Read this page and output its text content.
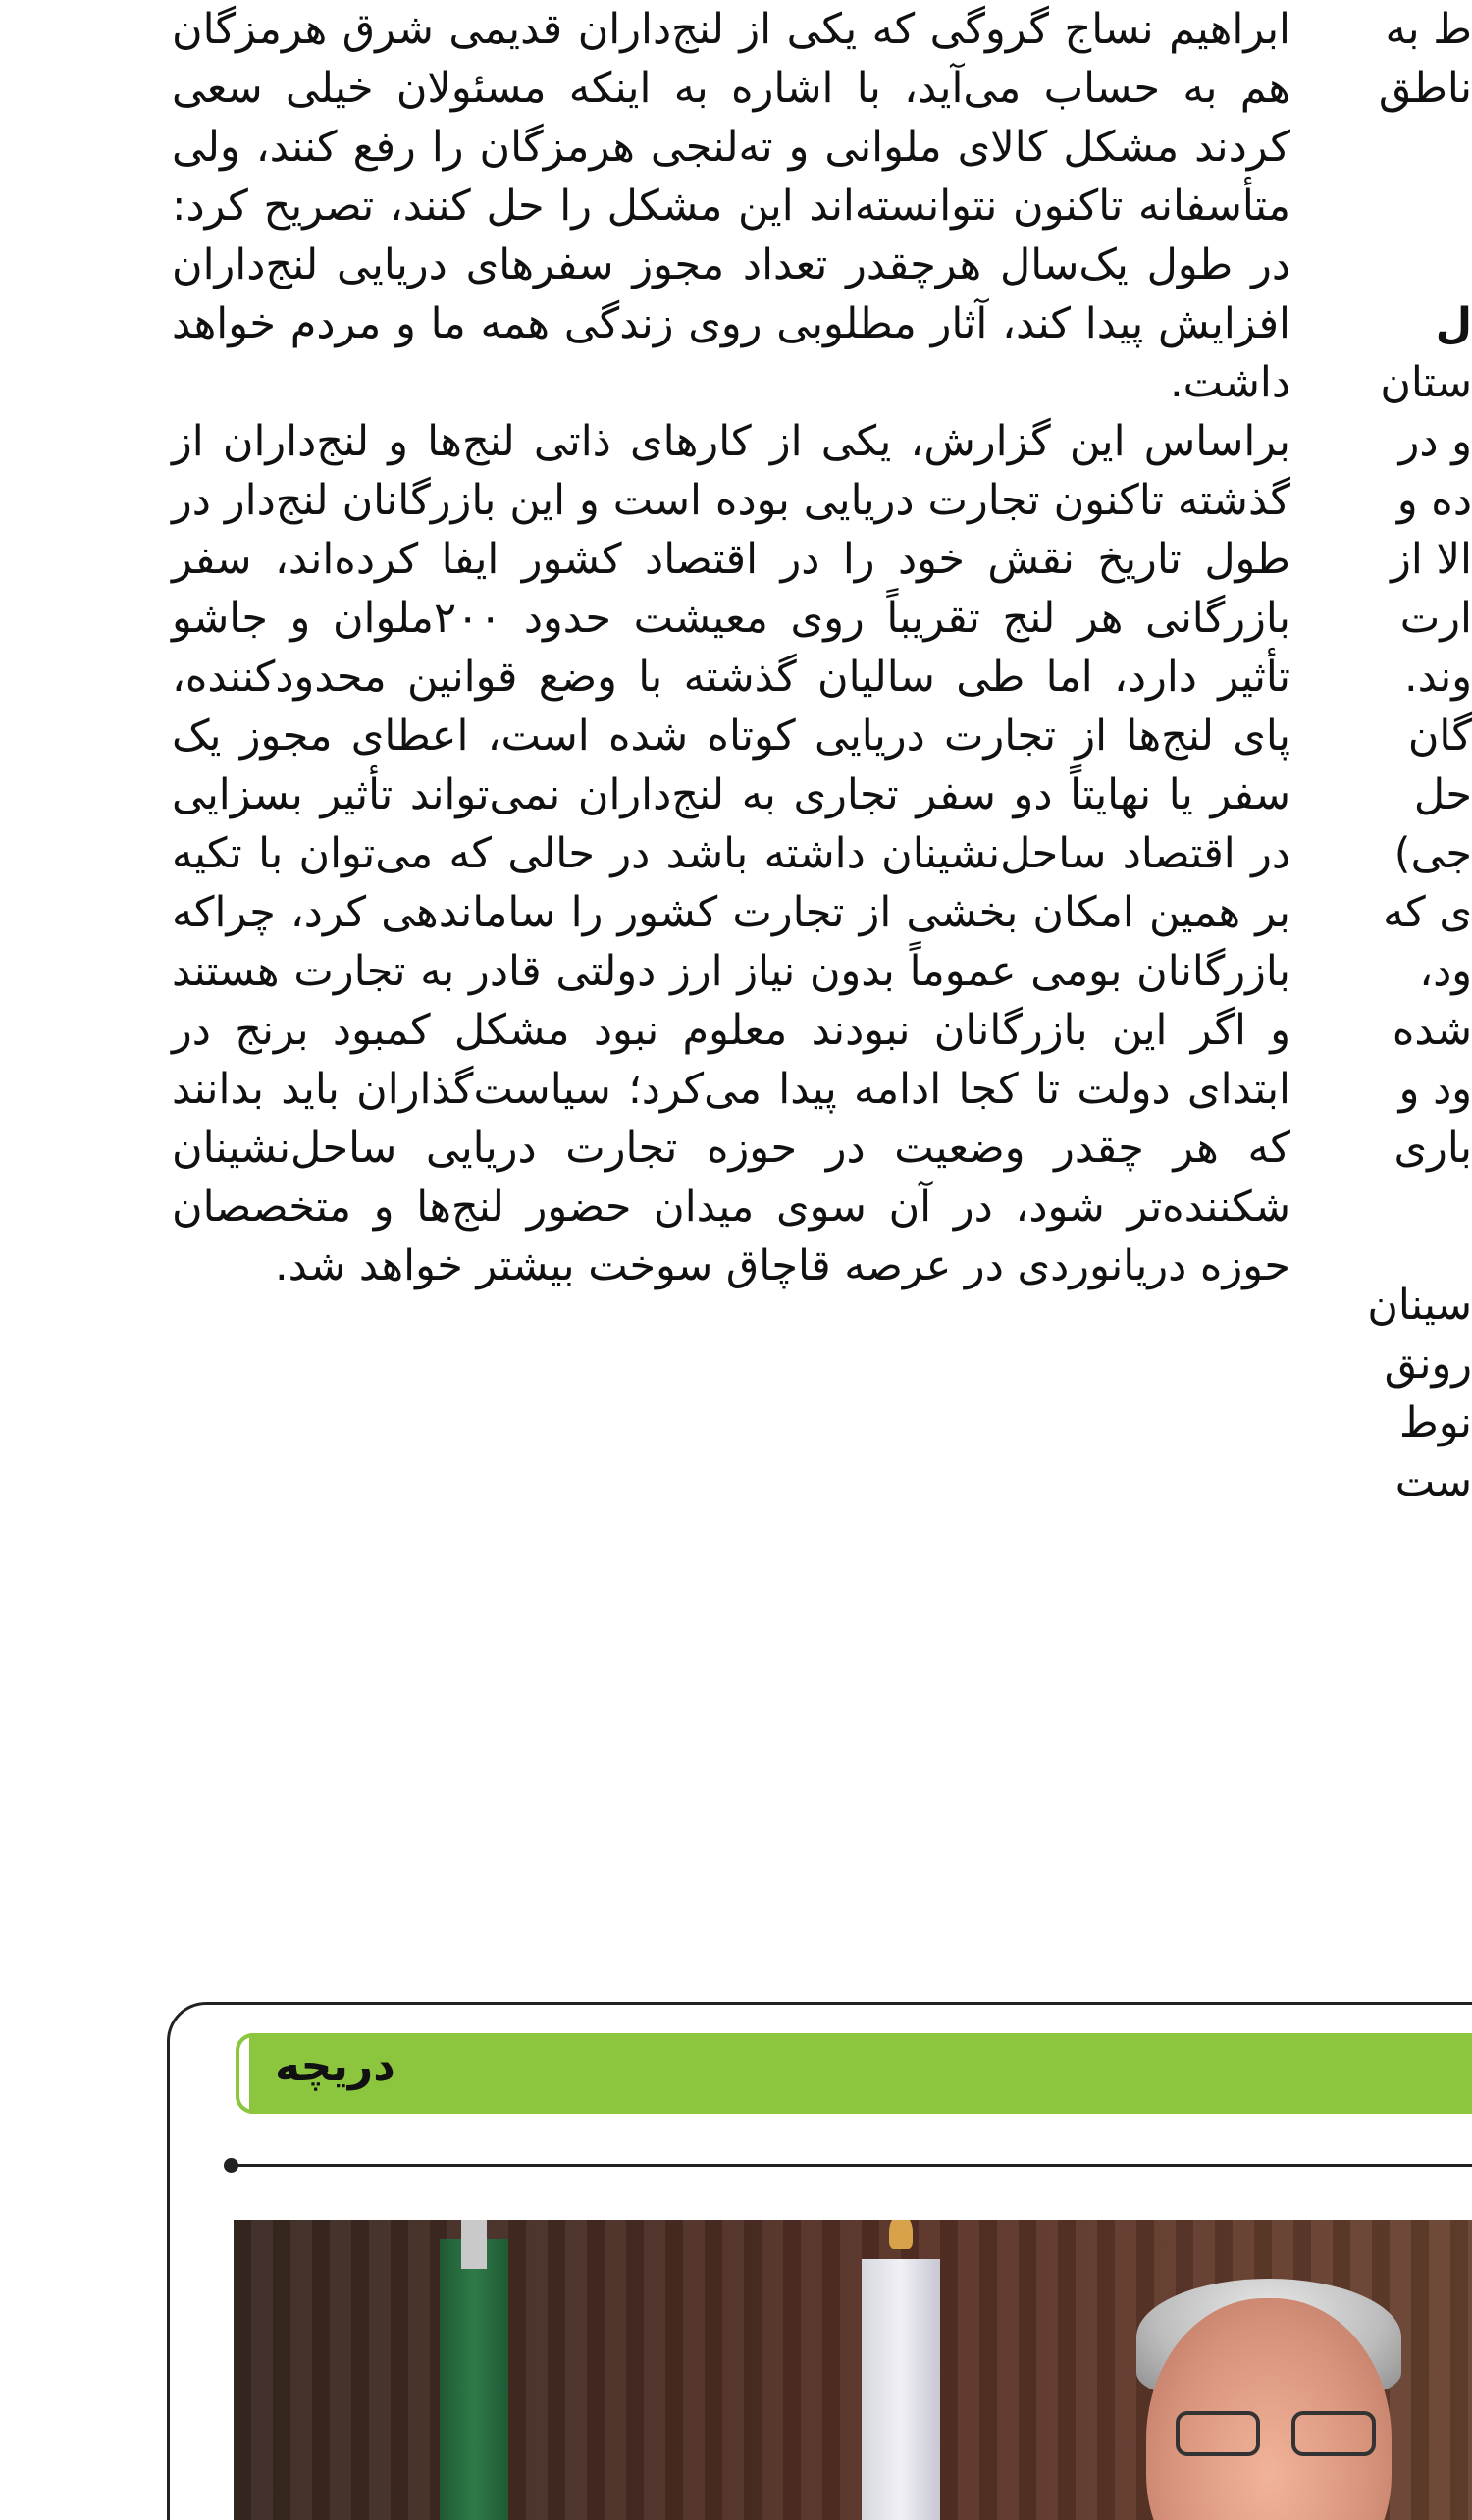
ابراهیم نساج گروگی که یکی از لنج‌داران قدیمی شرق هرمزگان هم به حساب می‌آید، با اشاره به اینکه مسئولان خیلی سعی کردند مشکل کالای ملوانی و ته‌لنجی هرمزگان را رفع کنند، ولی متأسفانه تاکنون نتوانسته‌اند این مشکل را حل کنند، تصریح کرد: در طول یک‌سال هرچقدر تعداد مجوز سفرهای دریایی لنج‌داران افزایش پیدا کند، آثار مطلوبی روی زندگی همه ما و مردم خواهد داشت.

براساس این گزارش، یکی از کارهای ذاتی لنج‌ها و لنج‌داران از گذشته تاکنون تجارت دریایی بوده است و این بازرگانان لنج‌دار در طول تاریخ نقش خود را در اقتصاد کشور ایفا کرده‌اند، سفر بازرگانی هر لنج تقریباً روی معیشت حدود ۲۰۰ملوان و جاشو تأثیر دارد، اما طی سالیان گذشته با وضع قوانین محدودکننده، پای لنج‌ها از تجارت دریایی کوتاه شده است، اعطای مجوز یک سفر یا نهایتاً دو سفر تجاری به لنج‌داران نمی‌تواند تأثیر بسزایی در اقتصاد ساحل‌نشینان داشته باشد در حالی که می‌توان با تکیه بر همین امکان بخشی از تجارت کشور را ساماندهی کرد، چراکه بازرگانان بومی عموماً بدون نیاز ارز دولتی قادر به تجارت هستند و اگر این بازرگانان نبودند معلوم نبود مشکل کمبود برنج در ابتدای دولت تا کجا ادامه پیدا می‌کرد؛ سیاست‌گذاران باید بدانند که هر چقدر وضعیت در حوزه تجارت دریایی ساحل‌نشینان شکننده‌تر شود، در آن سوی میدان حضور لنج‌ها و متخصصان حوزه دریانوردی در عرصه قاچاق سوخت بیشتر خواهد شد.

ط به
ناطق
ل
ستان
و در
ده و
الا از
ارت
وند.
گان
حل
جی)
ی که
ود،
شده
ود و
باری
سینان
رونق
نوط
ست
دریچه
